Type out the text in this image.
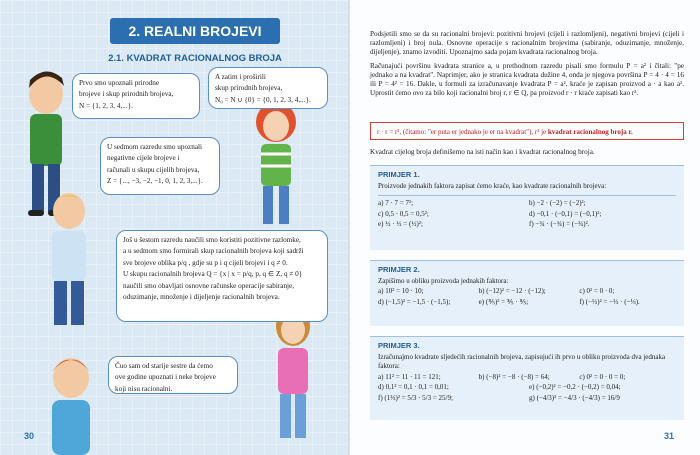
2. REALNI BROJEVI
2.1. KVADRAT RACIONALNOG BROJA

Prvo smo upoznali prirodne

brojeve i skup prirodnih brojeva,

N = {1, 2, 3, 4,...}.

A zatim i proširili

skup prirodnih brojeva,

N₀ = N ∪ {0} = {0, 1, 2, 3, 4,...}.

U sedmom razredu smo upoznali

negativne cijele brojeve i

računali u skupu cijelih brojeva,

Z = {..., −3, −2, −1, 0, 1, 2, 3,...}.

Još u šestom razredu naučili smo koristiti pozitivne razlomke,

a u sedmom smo formirali skup racionalnih brojeva koji sadrži

sve brojeve oblika p/q , gdje su p i q cijeli brojevi i q ≠ 0.

U skupu racionalnih brojeva Q = {x | x = p/q, p, q ∈ Z, q ≠ 0}

naučili smo obavljati osnovne računske operacije sabiranje,

oduzimanje, množenje i dijeljenje racionalnih brojeva.

Čuo sam od starije sestre da ćemo

ove godine upoznati i neke brojeve

koji nisu racionalni.

30

Podsjetili smo se da su racionalni brojevi: pozitivni brojevi (cijeli i razlomljeni), negativni brojevi (cijeli i razlomljeni) i broj nula. Osnovne operacije s racionalnim brojevima (sabiranje, oduzimanje, množenje, dijeljenje), znamo izvoditi. Upoznajmo sada pojam kvadrata racionalnog broja.

Računajući površinu kvadrata stranice a, u prethodnom razredu pisali smo formulu P = a² i čitali: "pe jednako a na kvadrat". Naprimjer, ako je stranica kvadrata dužine 4, onda je njegova površina P = 4 · 4 = 16 ili P = 4² = 16. Dakle, u formuli za izračunavanje kvadrata P = a², kraće je zapisan proizvod a · a kao a². Uprostit ćemo ovo za bilo koji racionalni broj r, r ∈ Q, pa proizvod r · r kraće zapisati kao r².

r · r = r², (čitamo: "er puta er jednako je er na kvadrat"), r² je kvadrat racionalnog broja r.
Kvadrat cijelog broja definišemo na isti način kao i kvadrat racionalnog broja.
PRIMJER 1.
Proizvode jednakih faktora zapisat ćemo kraće, kao kvadrate racionalnih brojeva:
a) 7 · 7 = 7²;	b) −2 · (−2) = (−2)²;
c) 0,5 · 0,5 = 0,5²;	d) −0,1 · (−0,1) = (−0,1)²;
e) ½ · ½ = (½)²;	f) −¾ · (−¾) = (−¾)².
PRIMJER 2.
Zapišimo u obliku proizvoda jednakih faktora:
a) 10² = 10 · 10;	b) (−12)² = −12 · (−12);	c) 0² = 0 · 0;
d) (−1,5)² = −1,5 · (−1,5);	e) (⅗)² = ⅗ · ⅗;	f) (−⅓)² = −⅓ · (−⅓).
PRIMJER 3.
Izračunajmo kvadrate sljedećih racionalnih brojeva, zapisujući ih prvo u obliku proizvoda dva jednaka faktora:
a) 11² = 11 · 11 = 121;	b) (−8)² = −8 · (−8) = 64;	c) 0² = 0 · 0 = 0;
d) 0,1² = 0,1 · 0,1 = 0,01;	e) (−0,2)² = −0,2 · (−0,2) = 0,04;
f) (1⅔)² = 5/3 · 5/3 = 25/9;	g) (−4/3)² = −4/3 · (−4/3) = 16/9
31
